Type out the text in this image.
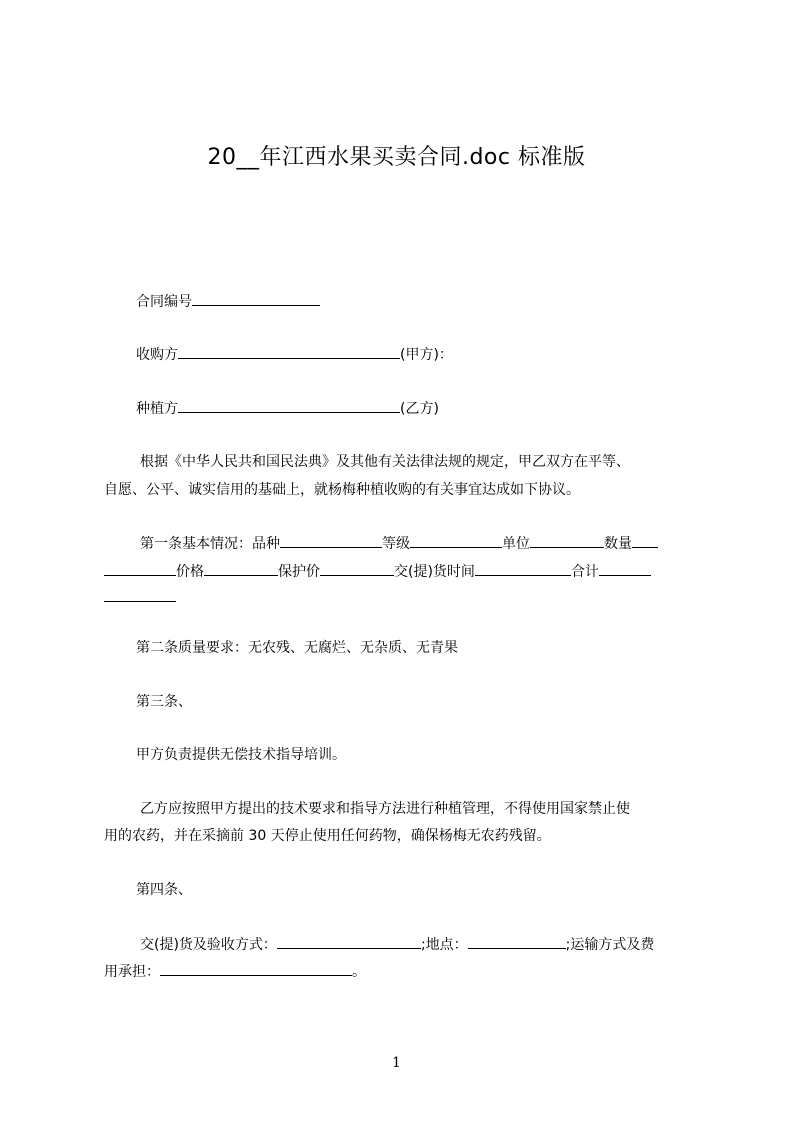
20__年江西水果买卖合同.doc 标准版
合同编号
收购方	(甲方)：
种植方	(乙方)
根据《中华人民共和国民法典》及其他有关法律法规的规定，甲乙双方在平等、
自愿、公平、诚实信用的基础上，就杨梅种植收购的有关事宜达成如下协议。
第一条基本情况：品种	等级	单位	数量
价格	保护价	交(提)货时间	合计
第二条质量要求：无农残、无腐烂、无杂质、无青果
第三条、
甲方负责提供无偿技术指导培训。
乙方应按照甲方提出的技术要求和指导方法进行种植管理，不得使用国家禁止使
用的农药，并在采摘前 30 天停止使用任何药物，确保杨梅无农药残留。
第四条、
交(提)货及验收方式：	;地点：	;运输方式及费
用承担：	。
1
